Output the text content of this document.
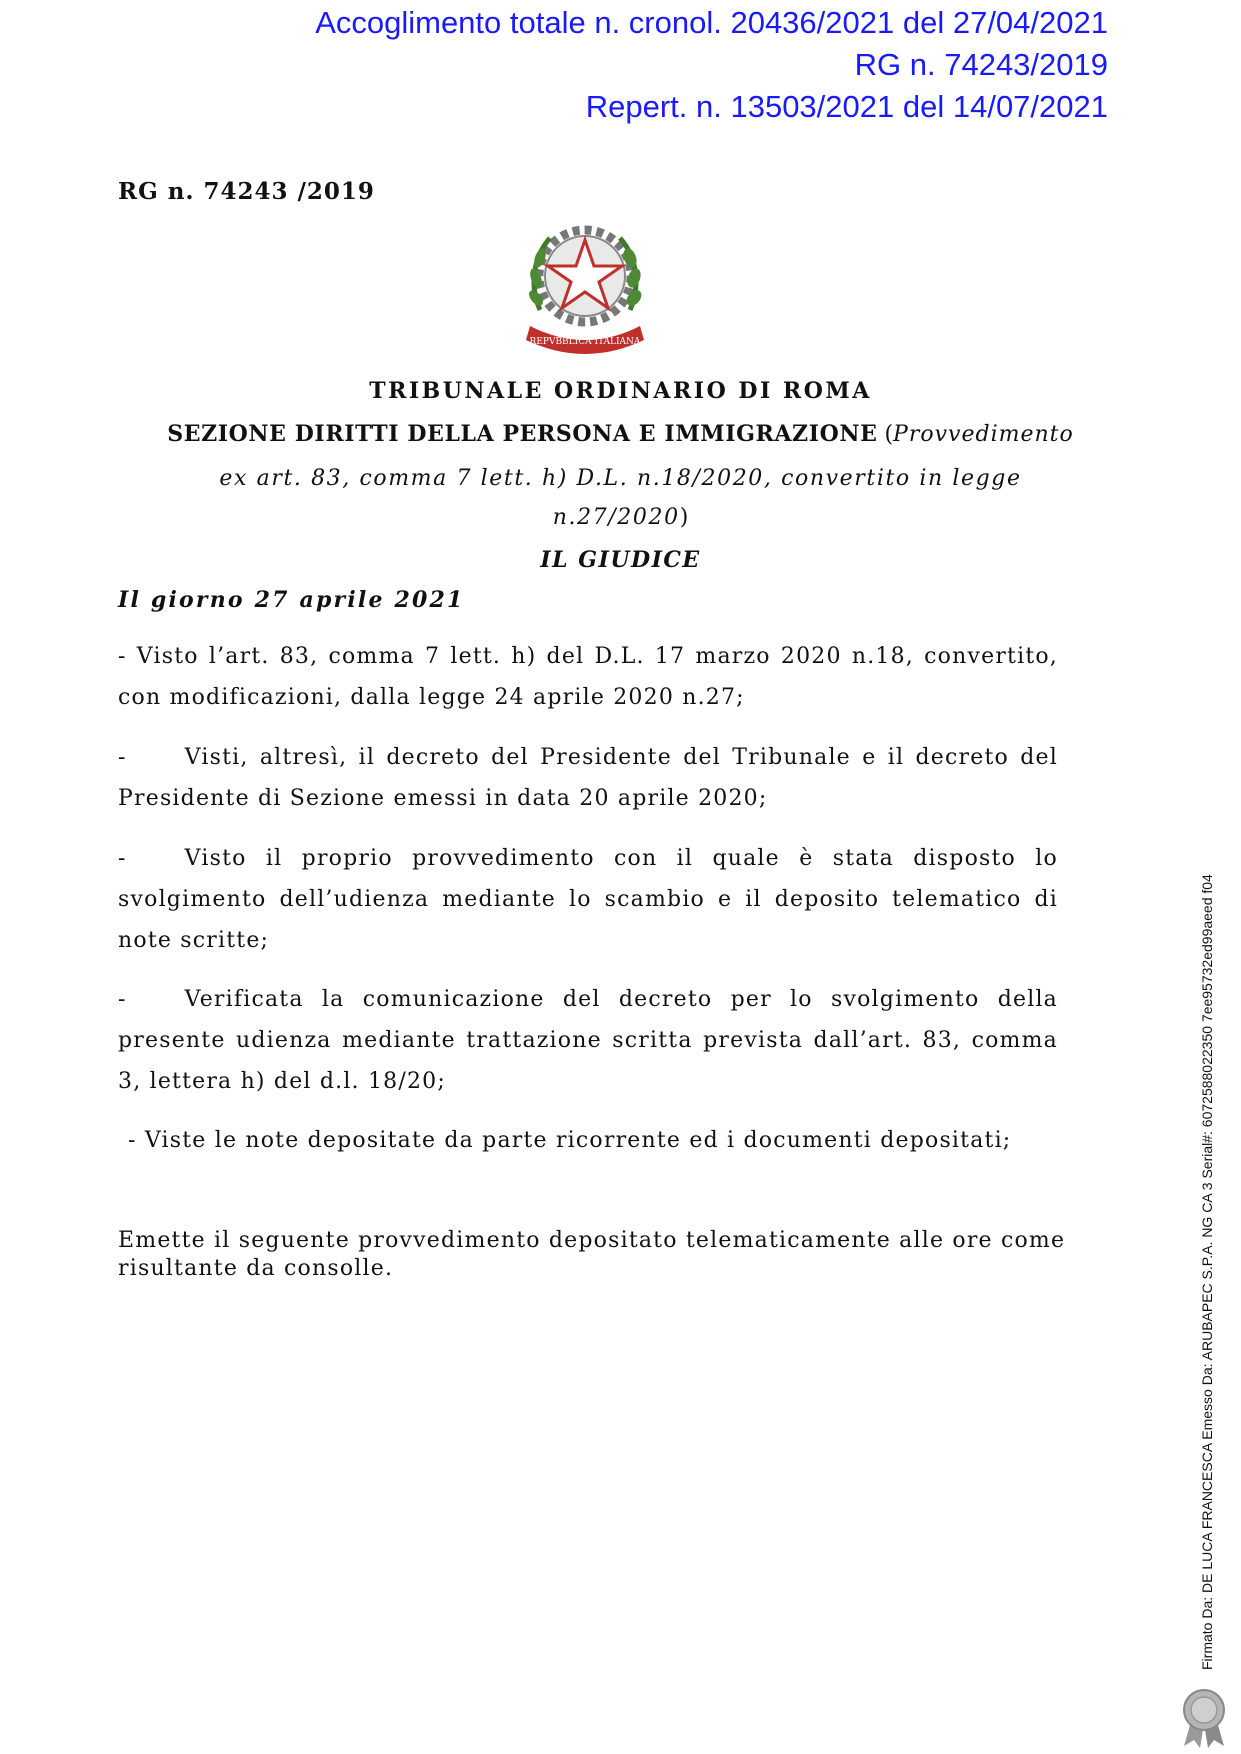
Accoglimento totale n. cronol. 20436/2021 del 27/04/2021
RG n. 74243/2019
Repert. n. 13503/2021 del 14/07/2021
RG n. 74243 /2019
REPVBBLICA ITALIANA
TRIBUNALE ORDINARIO DI ROMA
SEZIONE DIRITTI DELLA PERSONA E IMMIGRAZIONE (Provvedimento
ex art. 83, comma 7 lett. h) D.L. n.18/2020, convertito in legge
n.27/2020)
IL GIUDICE
Il giorno 27 aprile 2021
- Visto l’art. 83, comma 7 lett. h) del D.L. 17 marzo 2020 n.18, convertito, con modificazioni, dalla legge 24 aprile 2020 n.27;
-	Visti, altresì, il decreto del Presidente del Tribunale e il decreto del Presidente di Sezione emessi in data 20 aprile 2020;
-	Visto il proprio provvedimento con il quale è stata disposto lo svolgimento dell’udienza mediante lo scambio e il deposito telematico di note scritte;
-	Verificata la comunicazione del decreto per lo svolgimento della presente udienza mediante trattazione scritta prevista dall’art. 83, comma 3, lettera h) del d.l. 18/20;
- Viste le note depositate da parte ricorrente ed i documenti depositati;
Emette il seguente provvedimento depositato telematicamente alle ore come risultante da consolle.	Firmato Da: DE LUCA FRANCESCA Emesso Da: ARUBAPEC S.P.A. NG CA 3 Serial#: 6072588022350 7ee95732ed99aeed f04
